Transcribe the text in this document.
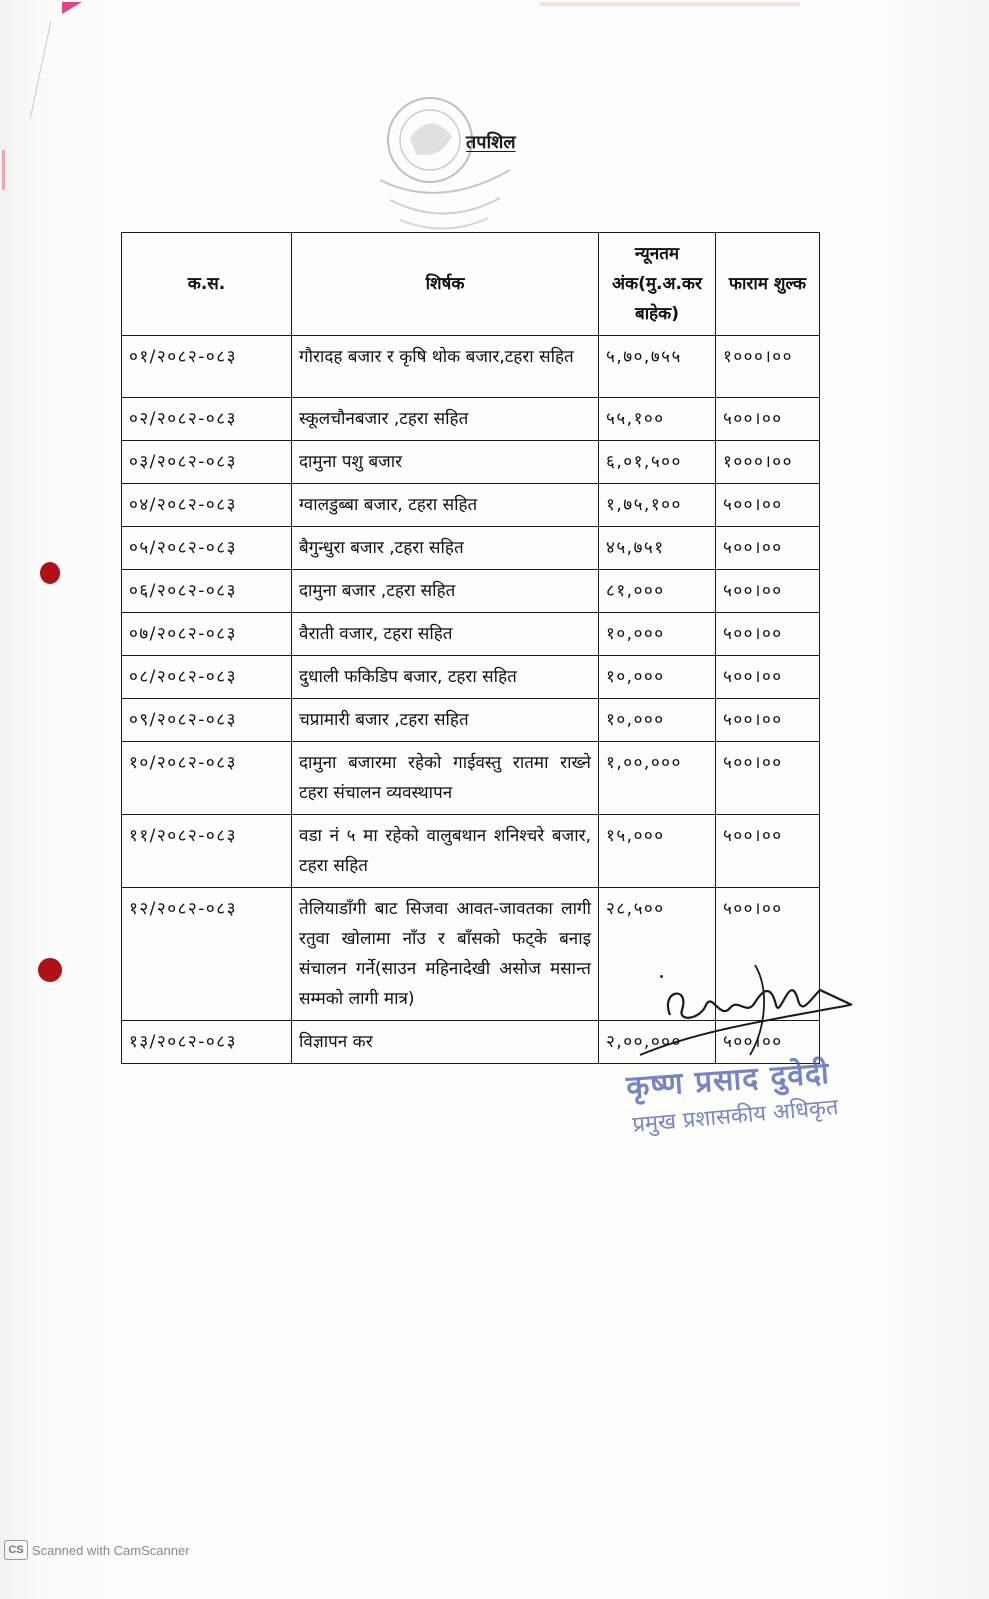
तपशिल
क.स.	शिर्षक	न्यूनतम अंक(मु.अ.कर बाहेक)	फाराम शुल्क
०१/२०८२-०८३	गौरादह बजार र कृषि थोक बजार,टहरा सहित	५,७०,७५५	१०००।००
०२/२०८२-०८३	स्कूलचौनबजार ,टहरा सहित	५५,१००	५००।००
०३/२०८२-०८३	दामुना पशु बजार	६,०१,५००	१०००।००
०४/२०८२-०८३	ग्वालडुब्बा बजार, टहरा सहित	१,७५,१००	५००।००
०५/२०८२-०८३	बैगुन्धुरा बजार ,टहरा सहित	४५,७५१	५००।००
०६/२०८२-०८३	दामुना बजार ,टहरा सहित	८१,०००	५००।००
०७/२०८२-०८३	वैराती वजार, टहरा सहित	१०,०००	५००।००
०८/२०८२-०८३	दुधाली फकिडिप बजार, टहरा सहित	१०,०००	५००।००
०९/२०८२-०८३	चप्रामारी बजार ,टहरा सहित	१०,०००	५००।००
१०/२०८२-०८३	दामुना बजारमा रहेको गाईवस्तु रातमा राख्ने टहरा संचालन व्यवस्थापन	१,००,०००	५००।००
११/२०८२-०८३	वडा नं ५ मा रहेको वालुबथान शनिश्चरे बजार, टहरा सहित	१५,०००	५००।००
१२/२०८२-०८३	तेलियाडाँगी बाट सिजवा आवत-जावतका लागी रतुवा खोलामा नाँउ र बाँसको फट्के बनाइ संचालन गर्ने(साउन महिनादेखी असोज मसान्त सम्मको लागी मात्र)	२८,५००	५००।००
१३/२०८२-०८३	विज्ञापन कर	२,००,०००	५००।००
कृष्ण प्रसाद दुवेदी
प्रमुख प्रशासकीय अधिकृत
CS Scanned with CamScanner
